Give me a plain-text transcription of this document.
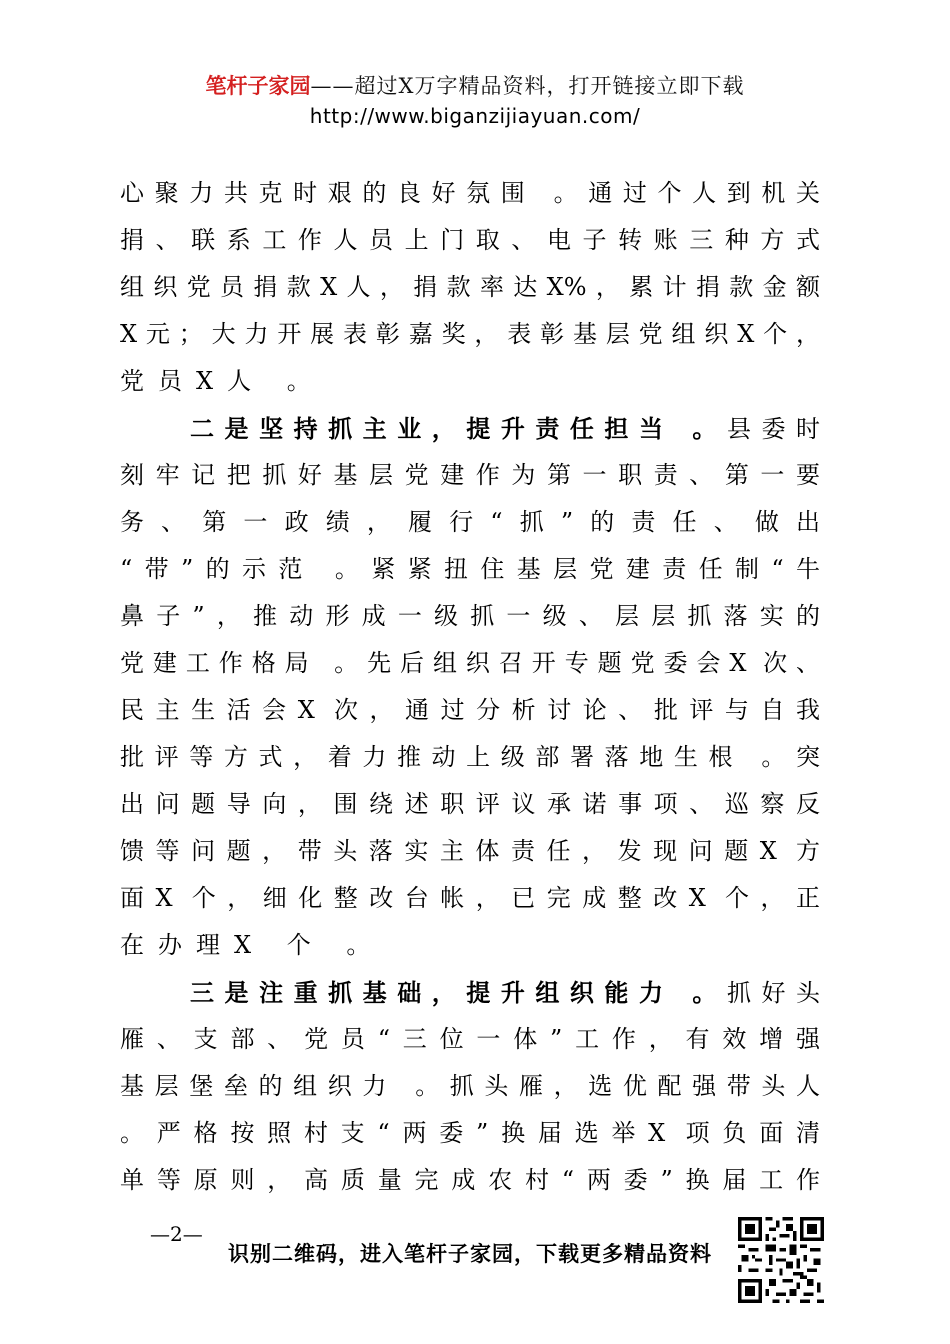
笔杆子家园——超过Ⅹ万字精品资料，打开链接立即下载
http://www.biganzijiayuan.com/
心聚力共克时艰的良好氛围 。通过个人到机关
捐、联系工作人员上门取、电子转账三种方式
组织党员捐款X人，捐款率达X%，累计捐款金额
X元；大力开展表彰嘉奖，表彰基层党组织X个，
党员X人 。
二是坚持抓主业，提升责任担当 。县委时
刻牢记把抓好基层党建作为第一职责、第一要
务、第一政绩，履行“抓”的责任、做出
“带”的示范 。紧紧扭住基层党建责任制“牛
鼻子”，推动形成一级抓一级、层层抓落实的
党建工作格局 。先后组织召开专题党委会X 次、
民主生活会X 次，通过分析讨论、批评与自我
批评等方式，着力推动上级部署落地生根 。突
出问题导向，围绕述职评议承诺事项、巡察反
馈等问题，带头落实主体责任，发现问题X 方
面X 个，细化整改台帐，已完成整改X 个，正
在办理X 个 。
三是注重抓基础，提升组织能力 。抓好头
雁、支部、党员“三位一体”工作，有效增强
基层堡垒的组织力 。抓头雁，选优配强带头人
。严格按照村支“两委”换届选举X 项负面清
单等原则，高质量完成农村“两委”换届工作
—2—
识别二维码，进入笔杆子家园，下载更多精品资料
